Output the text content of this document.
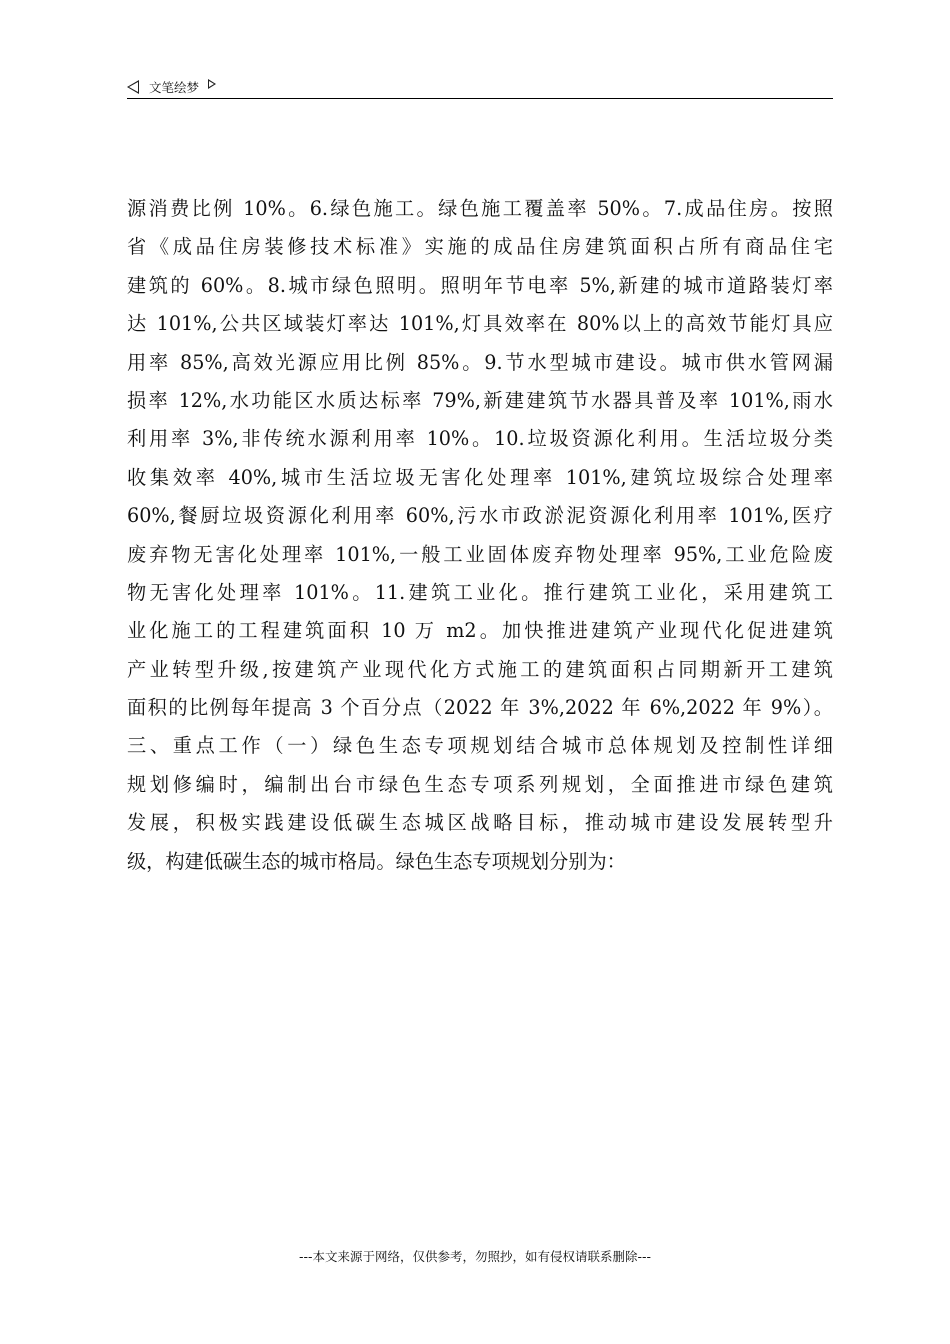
文笔绘梦
源消费比例 10%。6.绿色施工。绿色施工覆盖率 50%。7.成品住房。按照
省《成品住房装修技术标准》实施的成品住房建筑面积占所有商品住宅
建筑的 60%。8.城市绿色照明。照明年节电率 5%,新建的城市道路装灯率
达 101%,公共区域装灯率达 101%,灯具效率在 80%以上的高效节能灯具应
用率 85%,高效光源应用比例 85%。9.节水型城市建设。城市供水管网漏
损率 12%,水功能区水质达标率 79%,新建建筑节水器具普及率 101%,雨水
利用率 3%,非传统水源利用率 10%。10.垃圾资源化利用。生活垃圾分类
收集效率 40%,城市生活垃圾无害化处理率 101%,建筑垃圾综合处理率
60%,餐厨垃圾资源化利用率 60%,污水市政淤泥资源化利用率 101%,医疗
废弃物无害化处理率 101%,一般工业固体废弃物处理率 95%,工业危险废
物无害化处理率 101%。11.建筑工业化。推行建筑工业化，采用建筑工
业化施工的工程建筑面积 10 万 m2。加快推进建筑产业现代化促进建筑
产业转型升级,按建筑产业现代化方式施工的建筑面积占同期新开工建筑
面积的比例每年提高 3 个百分点（2022 年 3%,2022 年 6%,2022 年 9%）。
三、重点工作（一）绿色生态专项规划结合城市总体规划及控制性详细
规划修编时，编制出台市绿色生态专项系列规划，全面推进市绿色建筑
发展，积极实践建设低碳生态城区战略目标，推动城市建设发展转型升
级，构建低碳生态的城市格局。绿色生态专项规划分别为：
---本文来源于网络，仅供参考，勿照抄，如有侵权请联系删除---
